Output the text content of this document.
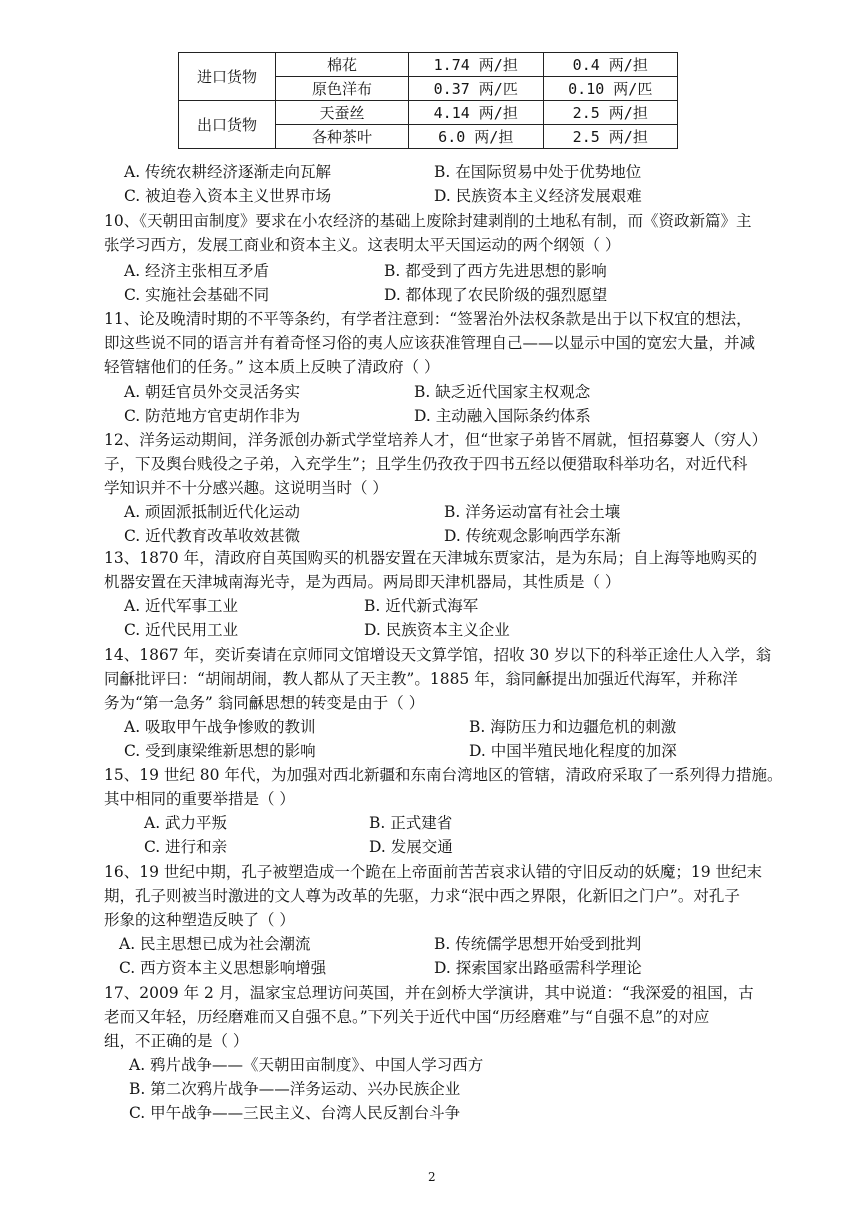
进口货物	棉花	1.74 两/担	0.4 两/担
	原色洋布	0.37 两/匹	0.10 两/匹
出口货物	天蚕丝	4.14 两/担	2.5 两/担
	各种茶叶	6.0 两/担	2.5 两/担
A. 传统农耕经济逐渐走向瓦解	B. 在国际贸易中处于优势地位
C. 被迫卷入资本主义世界市场	D. 民族资本主义经济发展艰难
10、《天朝田亩制度》要求在小农经济的基础上废除封建剥削的土地私有制，而《资政新篇》主
张学习西方，发展工商业和资本主义。这表明太平天国运动的两个纲领（ ）
A. 经济主张相互矛盾	B. 都受到了西方先进思想的影响
C. 实施社会基础不同	D. 都体现了农民阶级的强烈愿望
11、论及晚清时期的不平等条约，有学者注意到：“签署治外法权条款是出于以下权宜的想法，
即这些说不同的语言并有着奇怪习俗的夷人应该获准管理自己——以显示中国的宽宏大量，并减
轻管辖他们的任务。” 这本质上反映了清政府（ ）
A. 朝廷官员外交灵活务实	B. 缺乏近代国家主权观念
C. 防范地方官吏胡作非为	D. 主动融入国际条约体系
12、洋务运动期间，洋务派创办新式学堂培养人才，但“世家子弟皆不屑就，恒招募窭人（穷人）
子，下及舆台贱役之子弟，入充学生”；且学生仍孜孜于四书五经以便猎取科举功名，对近代科
学知识并不十分感兴趣。这说明当时（ ）
A. 顽固派抵制近代化运动	B. 洋务运动富有社会土壤
C. 近代教育改革收效甚微	D. 传统观念影响西学东渐
13、1870 年，清政府自英国购买的机器安置在天津城东贾家沽，是为东局；自上海等地购买的
机器安置在天津城南海光寺，是为西局。两局即天津机器局，其性质是（ ）
A. 近代军事工业	B. 近代新式海军
C. 近代民用工业	D. 民族资本主义企业
14、1867 年，奕䜣奏请在京师同文馆增设天文算学馆，招收 30 岁以下的科举正途仕人入学，翁
同龢批评曰：“胡闹胡闹，教人都从了天主教”。1885 年，翁同龢提出加强近代海军，并称洋
务为“第一急务” 翁同龢思想的转变是由于（ ）
A. 吸取甲午战争惨败的教训	B. 海防压力和边疆危机的刺激
C. 受到康梁维新思想的影响	D. 中国半殖民地化程度的加深
15、19 世纪 80 年代，为加强对西北新疆和东南台湾地区的管辖，清政府采取了一系列得力措施。
其中相同的重要举措是（ ）
A. 武力平叛	B. 正式建省
C. 进行和亲	D. 发展交通
16、19 世纪中期，孔子被塑造成一个跪在上帝面前苦苦哀求认错的守旧反动的妖魔；19 世纪末
期，孔子则被当时激进的文人尊为改革的先驱，力求“泯中西之界限，化新旧之门户”。对孔子
形象的这种塑造反映了（ ）
A. 民主思想已成为社会潮流	B. 传统儒学思想开始受到批判
C. 西方资本主义思想影响增强	D. 探索国家出路亟需科学理论
17、2009 年 2 月，温家宝总理访问英国，并在剑桥大学演讲，其中说道：“我深爱的祖国，古
老而又年轻，历经磨难而又自强不息。”下列关于近代中国“历经磨难”与“自强不息”的对应
组，不正确的是（ ）
A. 鸦片战争——《天朝田亩制度》、中国人学习西方
B. 第二次鸦片战争——洋务运动、兴办民族企业
C. 甲午战争——三民主义、台湾人民反割台斗争
2
